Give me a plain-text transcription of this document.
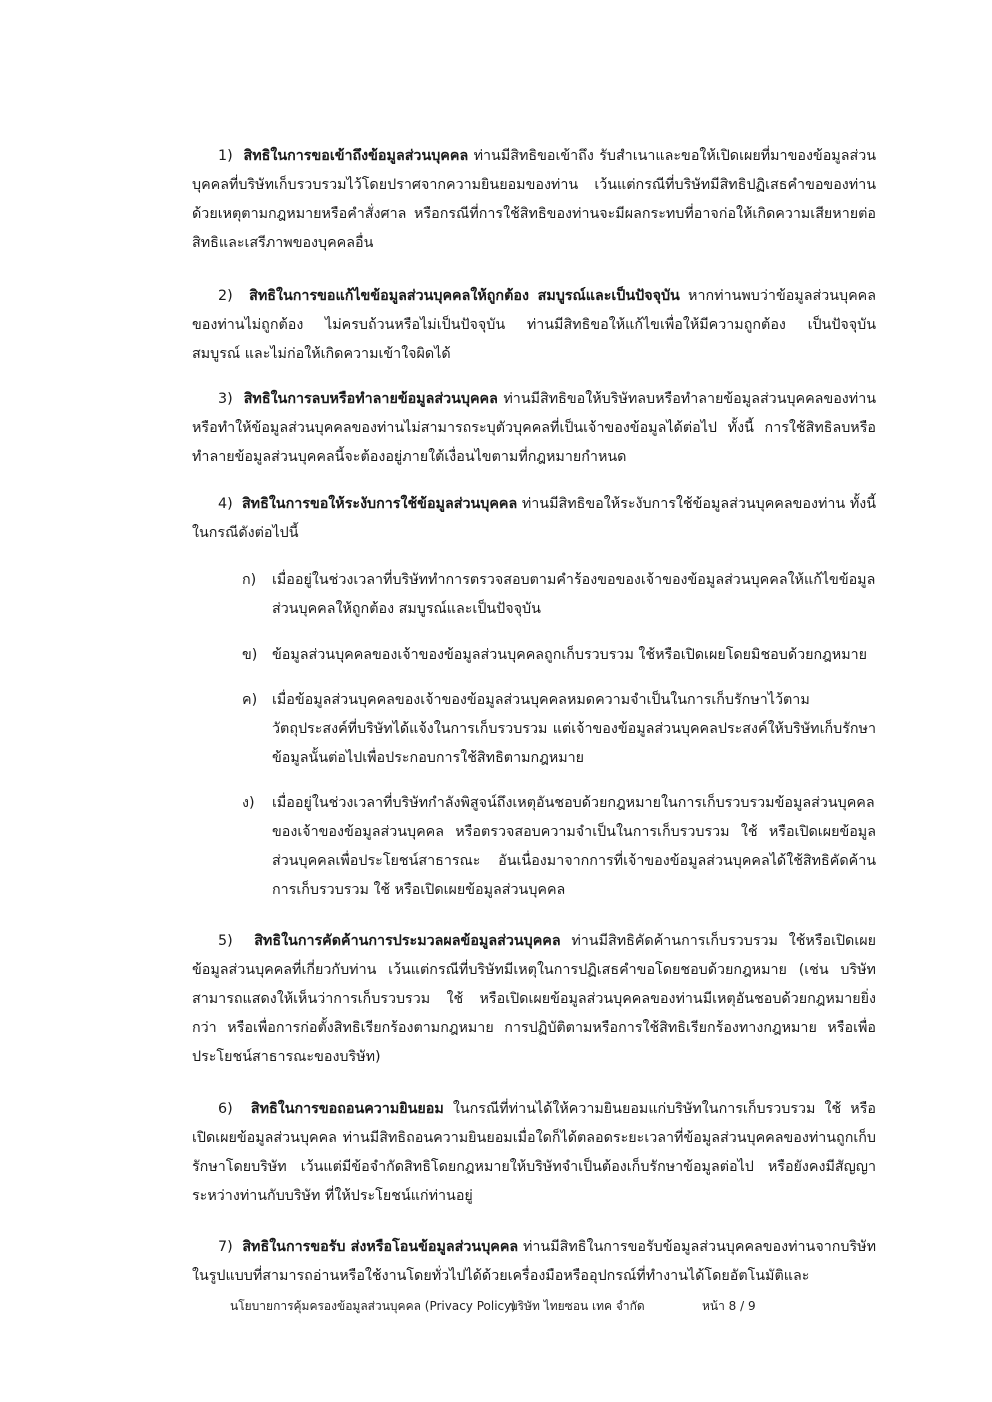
1) สิทธิในการขอเข้าถึงข้อมูลส่วนบุคคล ท่านมีสิทธิขอเข้าถึง รับสำเนาและขอให้เปิดเผยที่มาของข้อมูลส่วนบุคคลที่บริษัทเก็บรวบรวมไว้โดยปราศจากความยินยอมของท่าน เว้นแต่กรณีที่บริษัทมีสิทธิปฏิเสธคำขอของท่านด้วยเหตุตามกฎหมายหรือคำสั่งศาล หรือกรณีที่การใช้สิทธิของท่านจะมีผลกระทบที่อาจก่อให้เกิดความเสียหายต่อสิทธิและเสรีภาพของบุคคลอื่น
2) สิทธิในการขอแก้ไขข้อมูลส่วนบุคคลให้ถูกต้อง สมบูรณ์และเป็นปัจจุบัน หากท่านพบว่าข้อมูลส่วนบุคคลของท่านไม่ถูกต้อง ไม่ครบถ้วนหรือไม่เป็นปัจจุบัน ท่านมีสิทธิขอให้แก้ไขเพื่อให้มีความถูกต้อง เป็นปัจจุบัน สมบูรณ์ และไม่ก่อให้เกิดความเข้าใจผิดได้
3) สิทธิในการลบหรือทำลายข้อมูลส่วนบุคคล ท่านมีสิทธิขอให้บริษัทลบหรือทำลายข้อมูลส่วนบุคคลของท่าน หรือทำให้ข้อมูลส่วนบุคคลของท่านไม่สามารถระบุตัวบุคคลที่เป็นเจ้าของข้อมูลได้ต่อไป ทั้งนี้ การใช้สิทธิลบหรือทำลายข้อมูลส่วนบุคคลนี้จะต้องอยู่ภายใต้เงื่อนไขตามที่กฎหมายกำหนด
4) สิทธิในการขอให้ระงับการใช้ข้อมูลส่วนบุคคล ท่านมีสิทธิขอให้ระงับการใช้ข้อมูลส่วนบุคคลของท่าน ทั้งนี้ ในกรณีดังต่อไปนี้
ก) เมื่ออยู่ในช่วงเวลาที่บริษัททำการตรวจสอบตามคำร้องขอของเจ้าของข้อมูลส่วนบุคคลให้แก้ไขข้อมูลส่วนบุคคลให้ถูกต้อง สมบูรณ์และเป็นปัจจุบัน
ข) ข้อมูลส่วนบุคคลของเจ้าของข้อมูลส่วนบุคคลถูกเก็บรวบรวม ใช้หรือเปิดเผยโดยมิชอบด้วยกฎหมาย
ค) เมื่อข้อมูลส่วนบุคคลของเจ้าของข้อมูลส่วนบุคคลหมดความจำเป็นในการเก็บรักษาไว้ตามวัตถุประสงค์ที่บริษัทได้แจ้งในการเก็บรวบรวม แต่เจ้าของข้อมูลส่วนบุคคลประสงค์ให้บริษัทเก็บรักษาข้อมูลนั้นต่อไปเพื่อประกอบการใช้สิทธิตามกฎหมาย
ง) เมื่ออยู่ในช่วงเวลาที่บริษัทกำลังพิสูจน์ถึงเหตุอันชอบด้วยกฎหมายในการเก็บรวบรวมข้อมูลส่วนบุคคลของเจ้าของข้อมูลส่วนบุคคล หรือตรวจสอบความจำเป็นในการเก็บรวบรวม ใช้ หรือเปิดเผยข้อมูลส่วนบุคคลเพื่อประโยชน์สาธารณะ อันเนื่องมาจากการที่เจ้าของข้อมูลส่วนบุคคลได้ใช้สิทธิคัดค้านการเก็บรวบรวม ใช้ หรือเปิดเผยข้อมูลส่วนบุคคล
5) สิทธิในการคัดค้านการประมวลผลข้อมูลส่วนบุคคล ท่านมีสิทธิคัดค้านการเก็บรวบรวม ใช้หรือเปิดเผยข้อมูลส่วนบุคคลที่เกี่ยวกับท่าน เว้นแต่กรณีที่บริษัทมีเหตุในการปฏิเสธคำขอโดยชอบด้วยกฎหมาย (เช่น บริษัทสามารถแสดงให้เห็นว่าการเก็บรวบรวม ใช้ หรือเปิดเผยข้อมูลส่วนบุคคลของท่านมีเหตุอันชอบด้วยกฎหมายยิ่งกว่า หรือเพื่อการก่อตั้งสิทธิเรียกร้องตามกฎหมาย การปฏิบัติตามหรือการใช้สิทธิเรียกร้องทางกฎหมาย หรือเพื่อประโยชน์สาธารณะของบริษัท)
6) สิทธิในการขอถอนความยินยอม ในกรณีที่ท่านได้ให้ความยินยอมแก่บริษัทในการเก็บรวบรวม ใช้ หรือเปิดเผยข้อมูลส่วนบุคคล ท่านมีสิทธิถอนความยินยอมเมื่อใดก็ได้ตลอดระยะเวลาที่ข้อมูลส่วนบุคคลของท่านถูกเก็บรักษาโดยบริษัท เว้นแต่มีข้อจำกัดสิทธิโดยกฎหมายให้บริษัทจำเป็นต้องเก็บรักษาข้อมูลต่อไป หรือยังคงมีสัญญาระหว่างท่านกับบริษัท ที่ให้ประโยชน์แก่ท่านอยู่
7) สิทธิในการขอรับ ส่งหรือโอนข้อมูลส่วนบุคคล ท่านมีสิทธิในการขอรับข้อมูลส่วนบุคคลของท่านจากบริษัทในรูปแบบที่สามารถอ่านหรือใช้งานโดยทั่วไปได้ด้วยเครื่องมือหรืออุปกรณ์ที่ทำงานได้โดยอัตโนมัติและ
นโยบายการคุ้มครองข้อมูลส่วนบุคคล (Privacy Policy)
บริษัท ไทยซอน เทค จำกัด	หน้า 8 / 9
